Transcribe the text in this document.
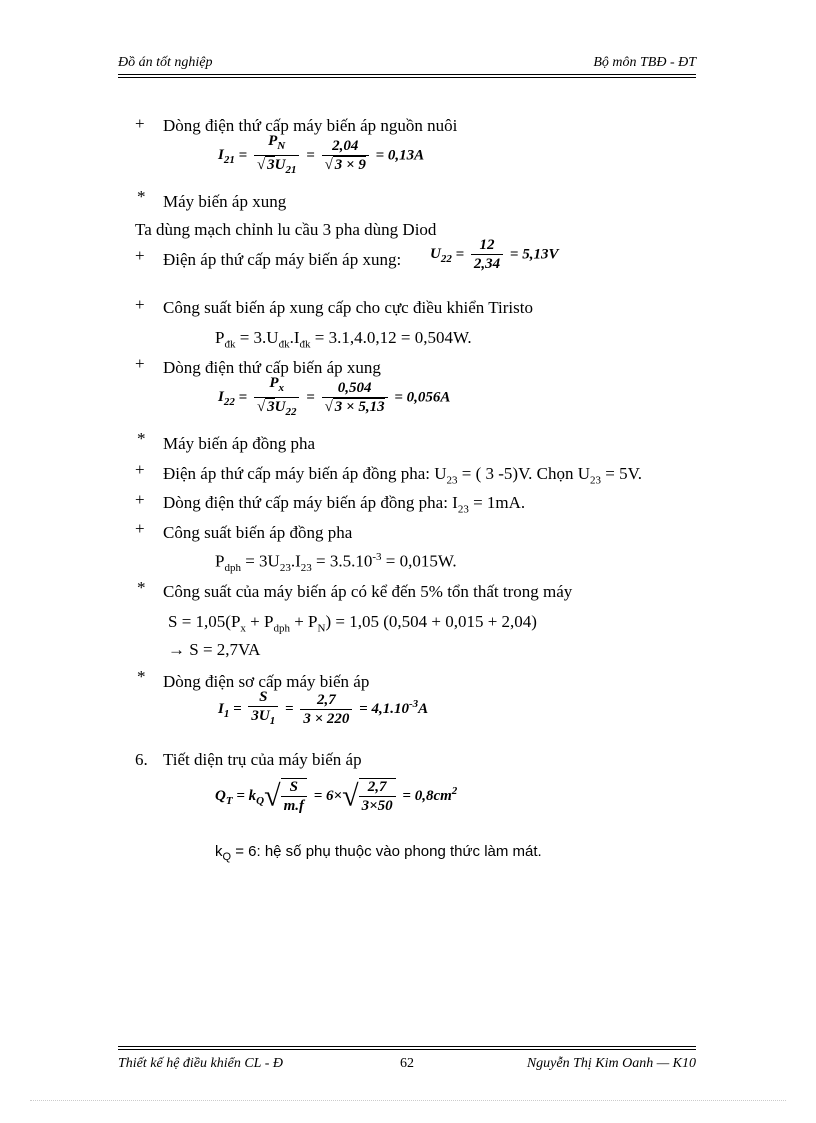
Đồ án tốt nghiệp	Bộ môn TBĐ - ĐT
+ Dòng điện thứ cấp máy biến áp nguồn nuôi
$I_{21} = \frac{P_N}{√ 3U_{21}} = \frac{2,04}{√ 3 \times 9} = 0,13A$
* Máy biến áp xung
Ta dùng mạch chỉnh lu cầu 3 pha dùng Diod
+ Điện áp thứ cấp máy biến áp xung: $U_{22} = \frac{12}{2,34} = 5,13V$
+ Công suất biến áp xung cấp cho cực điều khiển Tiristo
$P_{đk} = 3.U_{đk}.I_{đk} = 3.1,4.0,12 = 0,504W$.
+ Dòng điện thứ cấp biến áp xung
$I_{22} = \frac{P_x}{√ 3U_{22}} = \frac{0,504}{√ 3 \times 5,13} = 0,056A$
* Máy biến áp đồng pha
+ Điện áp thứ cấp máy biến áp đồng pha: $U_{23}$ = ( 3 -5)V. Chọn $U_{23} = 5V$.
+ Dòng điện thứ cấp máy biến áp đồng pha: $I_{23} = 1mA$.
+ Công suất biến áp đồng pha
$P_{dph} = 3U_{23}.I_{23} = 3.5.10^{-3} = 0,015W$.
* Công suất của máy biến áp có kể đến 5% tổn thất trong máy
$S = 1,05(P_x + P_{dph} + P_N) = 1,05$ (0,504 + 0,015 + 2,04)
→ S = 2,7VA
* Dòng điện sơ cấp máy biến áp
$I_1 = \frac{S}{3U_1} = \frac{2,7}{3 \times 220} = 4,1.10^{-3}A$
6. Tiết diện trụ của máy biến áp
$Q_T = k_Q√ \frac{S}{m.f} = 6\times√ \frac{2,7}{3\times 50} = 0,8cm^2$
$k_Q = 6$: hệ số phụ thuộc vào phong thức làm mát.
Thiết kế hệ điều khiển CL - Đ	62	Nguyễn Thị Kim Oanh — K10
